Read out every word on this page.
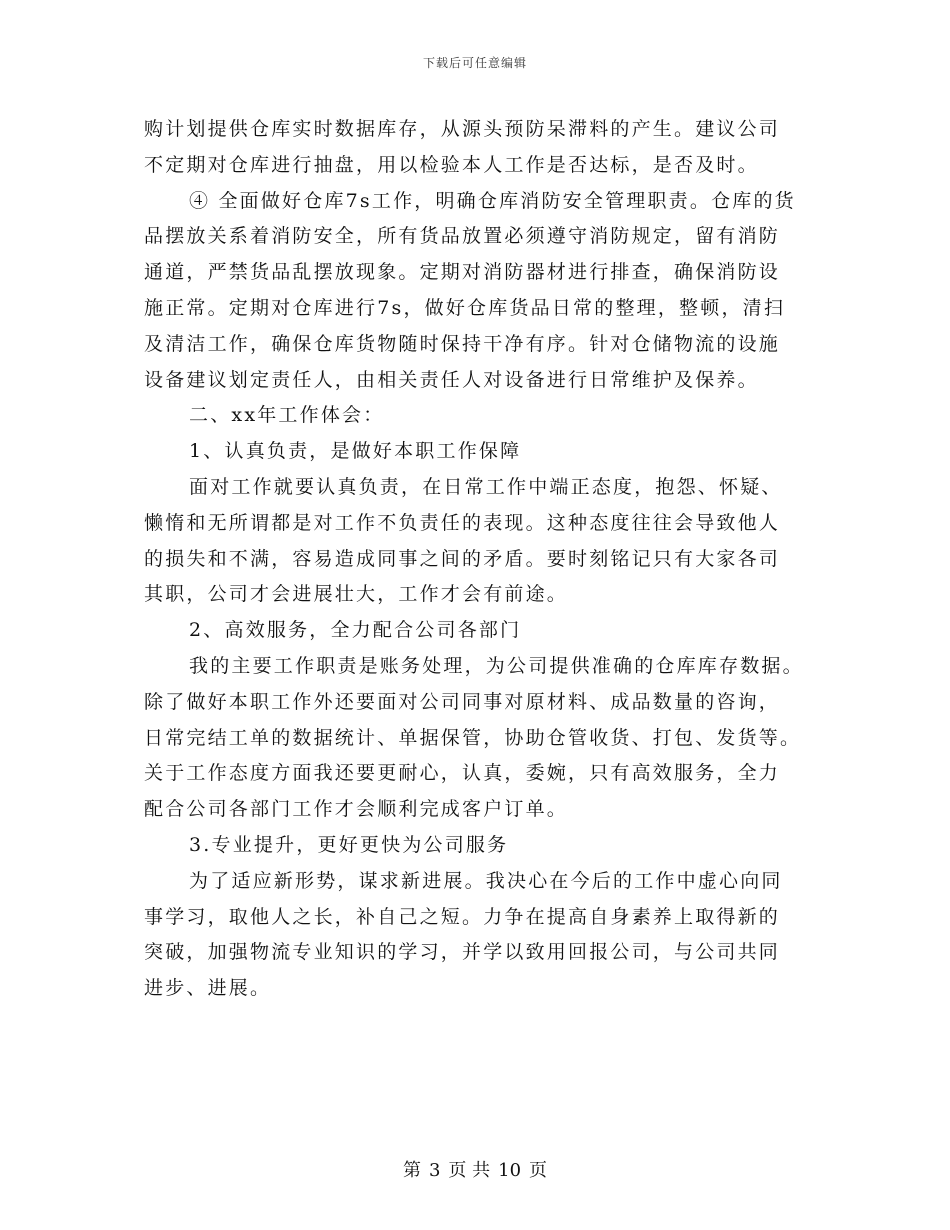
下载后可任意编辑
购计划提供仓库实时数据库存，从源头预防呆滞料的产生。建议公司
不定期对仓库进行抽盘，用以检验本人工作是否达标，是否及时。
④ 全面做好仓库7s工作，明确仓库消防安全管理职责。仓库的货
品摆放关系着消防安全，所有货品放置必须遵守消防规定，留有消防
通道，严禁货品乱摆放现象。定期对消防器材进行排查，确保消防设
施正常。定期对仓库进行7s，做好仓库货品日常的整理，整顿，清扫
及清洁工作，确保仓库货物随时保持干净有序。针对仓储物流的设施
设备建议划定责任人，由相关责任人对设备进行日常维护及保养。
二、xx年工作体会：
1、认真负责，是做好本职工作保障
面对工作就要认真负责，在日常工作中端正态度，抱怨、怀疑、
懒惰和无所谓都是对工作不负责任的表现。这种态度往往会导致他人
的损失和不满，容易造成同事之间的矛盾。要时刻铭记只有大家各司
其职，公司才会进展壮大，工作才会有前途。
2、高效服务，全力配合公司各部门
我的主要工作职责是账务处理，为公司提供准确的仓库库存数据。
除了做好本职工作外还要面对公司同事对原材料、成品数量的咨询，
日常完结工单的数据统计、单据保管，协助仓管收货、打包、发货等。
关于工作态度方面我还要更耐心，认真，委婉，只有高效服务，全力
配合公司各部门工作才会顺利完成客户订单。
3.专业提升，更好更快为公司服务
为了适应新形势，谋求新进展。我决心在今后的工作中虚心向同
事学习，取他人之长，补自己之短。力争在提高自身素养上取得新的
突破，加强物流专业知识的学习，并学以致用回报公司，与公司共同
进步、进展。
第 3 页 共 10 页
